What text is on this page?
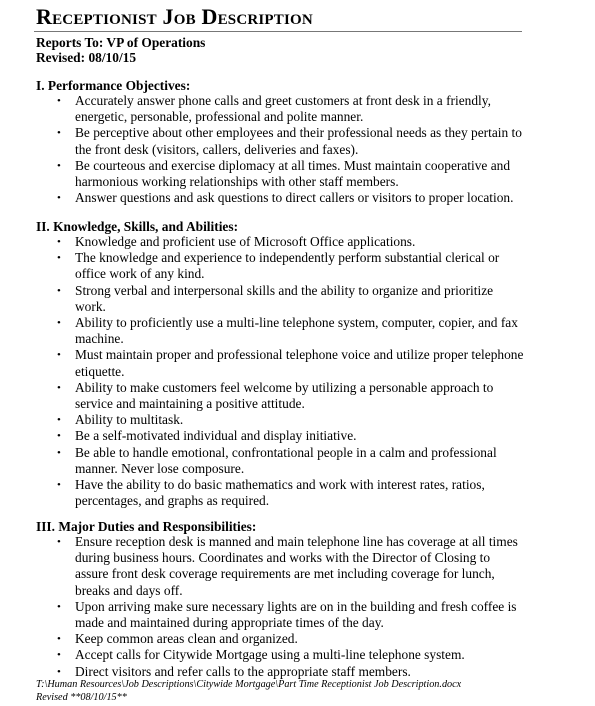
Receptionist Job Description
Reports To: VP of Operations
Revised: 08/10/15
I. Performance Objectives:
• Accurately answer phone calls and greet customers at front desk in a friendly, energetic, personable, professional and polite manner.
• Be perceptive about other employees and their professional needs as they pertain to the front desk (visitors, callers, deliveries and faxes).
• Be courteous and exercise diplomacy at all times. Must maintain cooperative and harmonious working relationships with other staff members.
• Answer questions and ask questions to direct callers or visitors to proper location.
II. Knowledge, Skills, and Abilities:
• Knowledge and proficient use of Microsoft Office applications.
• The knowledge and experience to independently perform substantial clerical or office work of any kind.
• Strong verbal and interpersonal skills and the ability to organize and prioritize work.
• Ability to proficiently use a multi-line telephone system, computer, copier, and fax machine.
• Must maintain proper and professional telephone voice and utilize proper telephone etiquette.
• Ability to make customers feel welcome by utilizing a personable approach to service and maintaining a positive attitude.
• Ability to multitask.
• Be a self-motivated individual and display initiative.
• Be able to handle emotional, confrontational people in a calm and professional manner. Never lose composure.
• Have the ability to do basic mathematics and work with interest rates, ratios, percentages, and graphs as required.
III. Major Duties and Responsibilities:
• Ensure reception desk is manned and main telephone line has coverage at all times during business hours. Coordinates and works with the Director of Closing to assure front desk coverage requirements are met including coverage for lunch, breaks and days off.
• Upon arriving make sure necessary lights are on in the building and fresh coffee is made and maintained during appropriate times of the day.
• Keep common areas clean and organized.
• Accept calls for Citywide Mortgage using a multi-line telephone system.
• Direct visitors and refer calls to the appropriate staff members.
T:\Human Resources\Job Descriptions\Citywide Mortgage\Part Time Receptionist Job Description.docx
Revised **08/10/15**
